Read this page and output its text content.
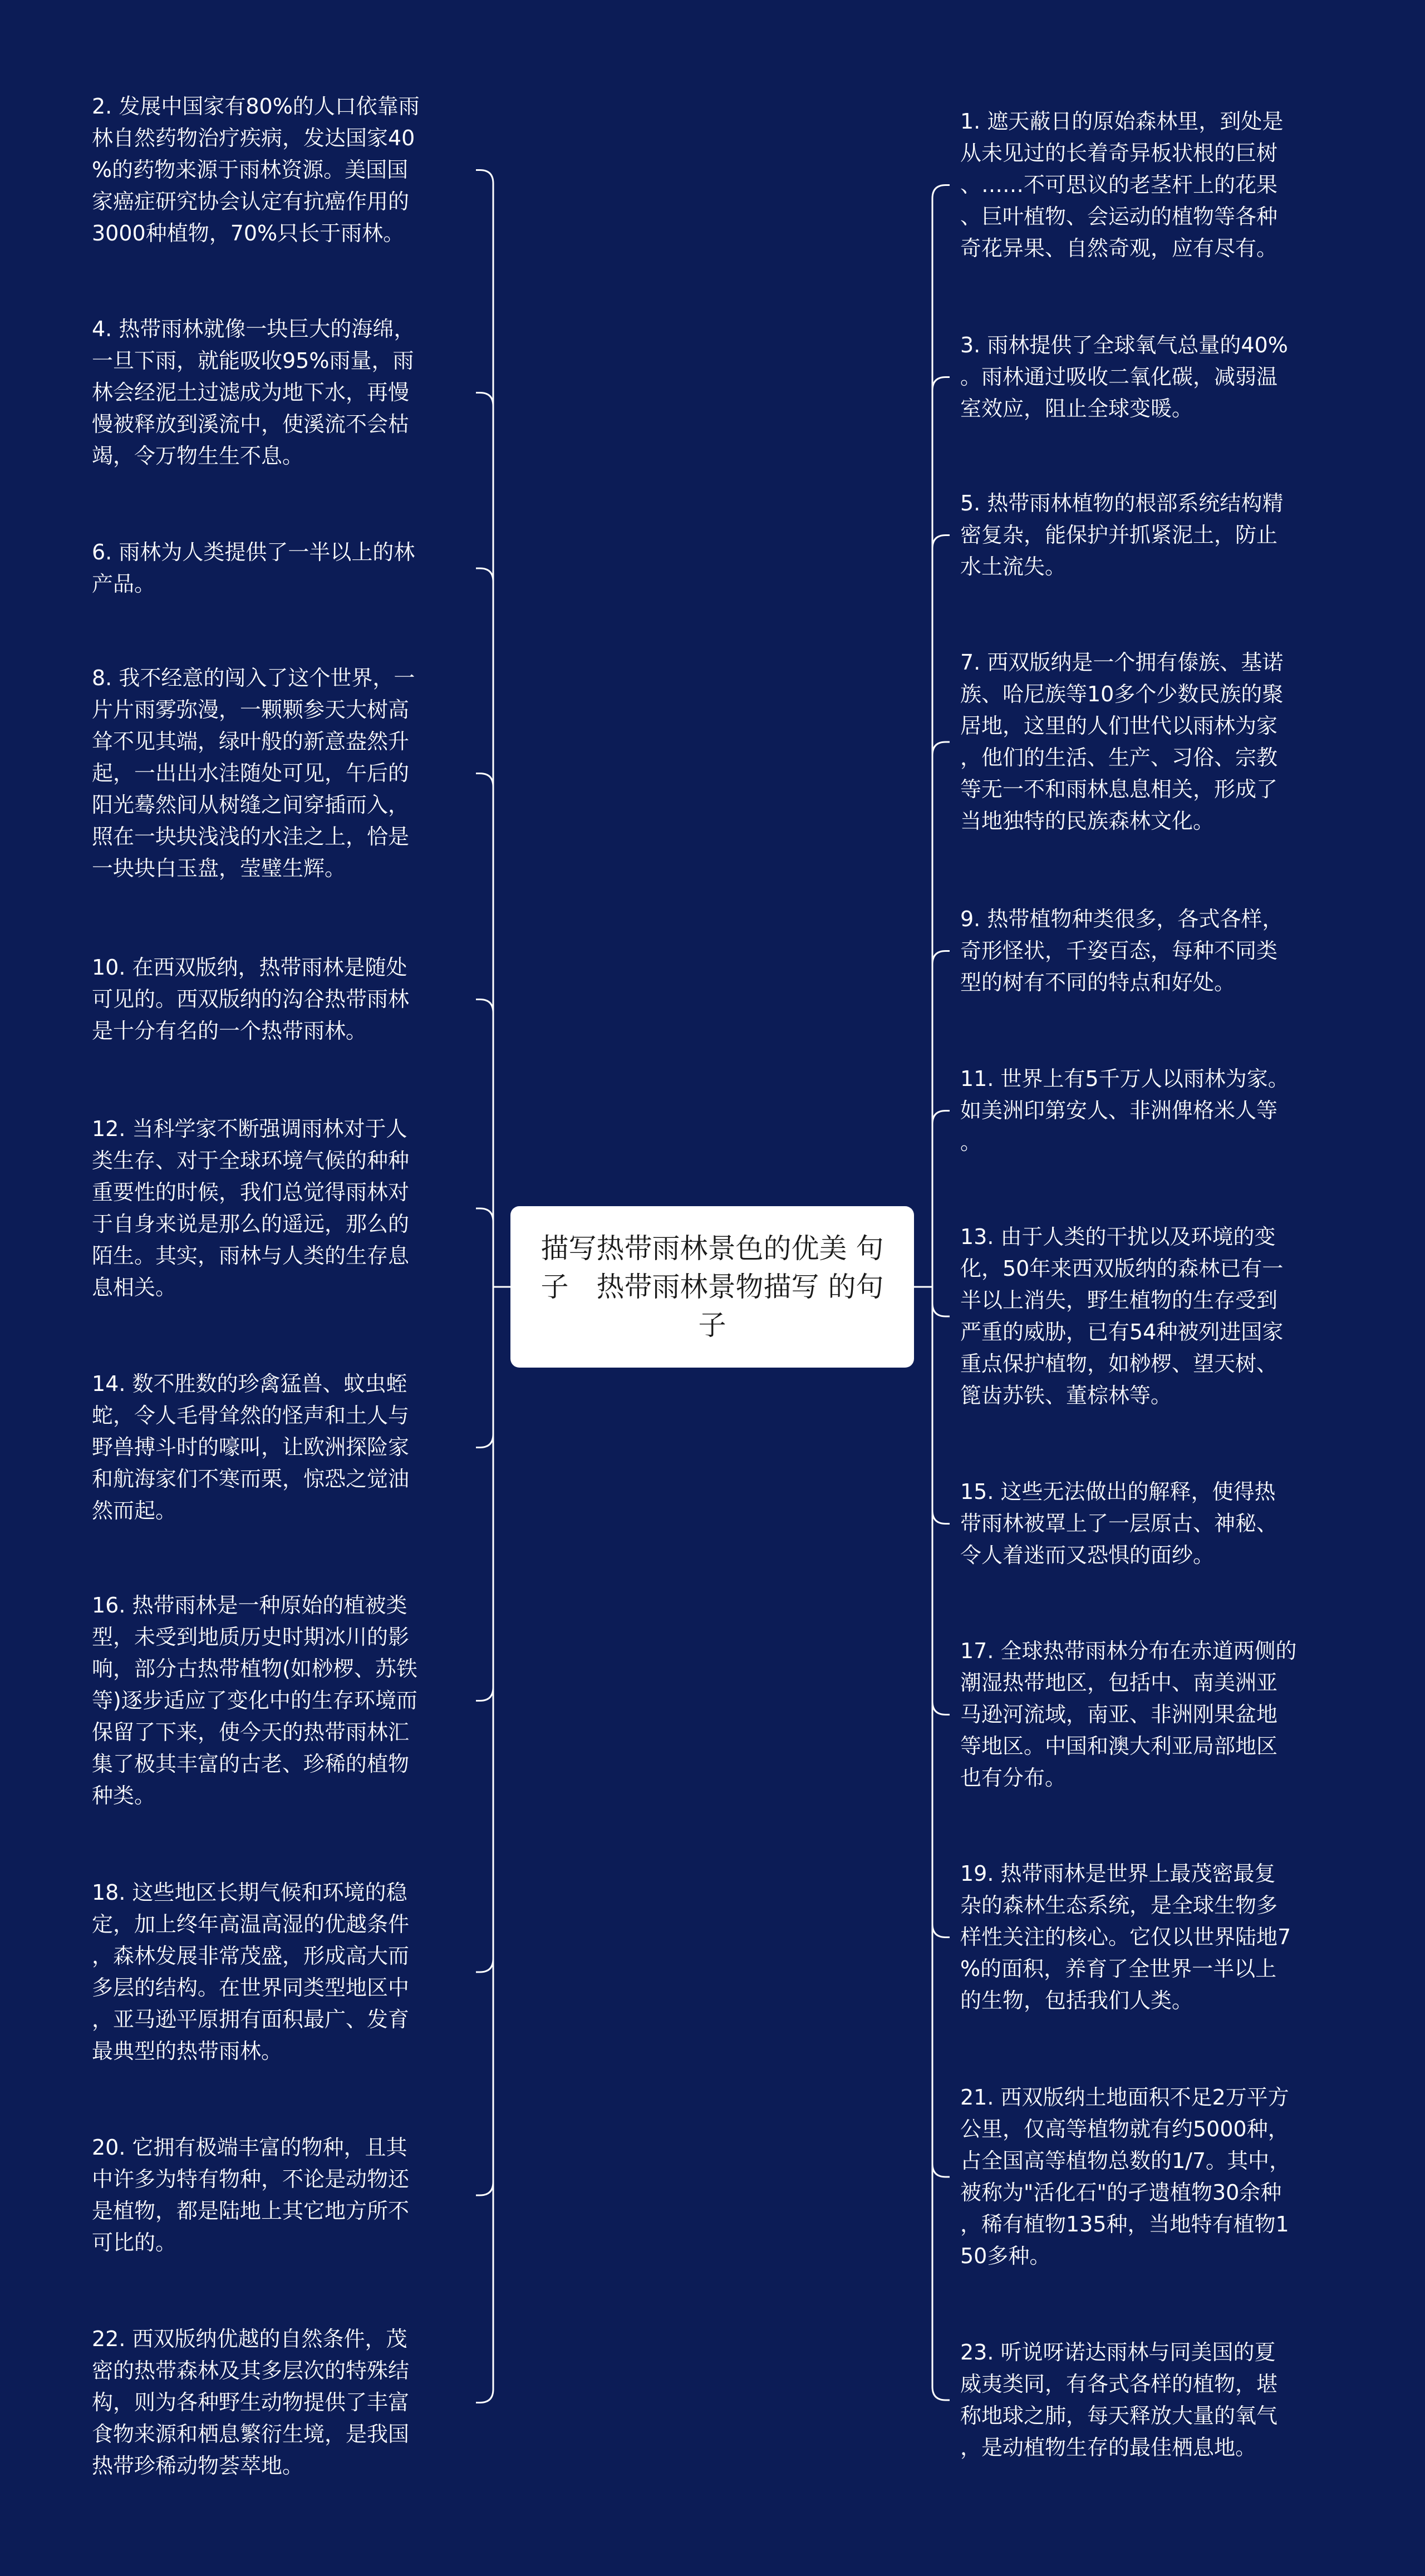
描写热带雨林景色的优美 句子　热带雨林景物描写 的句子
2. 发展中国家有80%的人口依靠雨
林自然药物治疗疾病，发达国家40
%的药物来源于雨林资源。美国国
家癌症研究协会认定有抗癌作用的
3000种植物，70%只长于雨林。
4. 热带雨林就像一块巨大的海绵，
一旦下雨，就能吸收95%雨量，雨
林会经泥土过滤成为地下水，再慢
慢被释放到溪流中，使溪流不会枯
竭，令万物生生不息。
6. 雨林为人类提供了一半以上的林
产品。
8. 我不经意的闯入了这个世界，一
片片雨雾弥漫，一颗颗参天大树高
耸不见其端，绿叶般的新意盎然升
起，一出出水洼随处可见，午后的
阳光蓦然间从树缝之间穿插而入，
照在一块块浅浅的水洼之上，恰是
一块块白玉盘，莹璧生辉。
10. 在西双版纳，热带雨林是随处
可见的。西双版纳的沟谷热带雨林
是十分有名的一个热带雨林。
12. 当科学家不断强调雨林对于人
类生存、对于全球环境气候的种种
重要性的时候，我们总觉得雨林对
于自身来说是那么的遥远，那么的
陌生。其实，雨林与人类的生存息
息相关。
14. 数不胜数的珍禽猛兽、蚊虫蛭
蛇，令人毛骨耸然的怪声和土人与
野兽搏斗时的嚎叫，让欧洲探险家
和航海家们不寒而栗，惊恐之觉油
然而起。
16. 热带雨林是一种原始的植被类
型，未受到地质历史时期冰川的影
响，部分古热带植物(如桫椤、苏铁
等)逐步适应了变化中的生存环境而
保留了下来，使今天的热带雨林汇
集了极其丰富的古老、珍稀的植物
种类。
18. 这些地区长期气候和环境的稳
定，加上终年高温高湿的优越条件
，森林发展非常茂盛，形成高大而
多层的结构。在世界同类型地区中
，亚马逊平原拥有面积最广、发育
最典型的热带雨林。
20. 它拥有极端丰富的物种，且其
中许多为特有物种，不论是动物还
是植物，都是陆地上其它地方所不
可比的。
22. 西双版纳优越的自然条件，茂
密的热带森林及其多层次的特殊结
构，则为各种野生动物提供了丰富
食物来源和栖息繁衍生境，是我国
热带珍稀动物荟萃地。
1. 遮天蔽日的原始森林里，到处是
从未见过的长着奇异板状根的巨树
、……不可思议的老茎杆上的花果
、巨叶植物、会运动的植物等各种
奇花异果、自然奇观，应有尽有。
3. 雨林提供了全球氧气总量的40%
。雨林通过吸收二氧化碳，减弱温
室效应，阻止全球变暖。
5. 热带雨林植物的根部系统结构精
密复杂，能保护并抓紧泥土，防止
水土流失。
7. 西双版纳是一个拥有傣族、基诺
族、哈尼族等10多个少数民族的聚
居地，这里的人们世代以雨林为家
，他们的生活、生产、习俗、宗教
等无一不和雨林息息相关，形成了
当地独特的民族森林文化。
9. 热带植物种类很多，各式各样，
奇形怪状，千姿百态，每种不同类
型的树有不同的特点和好处。
11. 世界上有5千万人以雨林为家。
如美洲印第安人、非洲俾格米人等
。
13. 由于人类的干扰以及环境的变
化，50年来西双版纳的森林已有一
半以上消失，野生植物的生存受到
严重的威胁，已有54种被列进国家
重点保护植物，如桫椤、望天树、
篦齿苏铁、董棕林等。
15. 这些无法做出的解释，使得热
带雨林被罩上了一层原古、神秘、
令人着迷而又恐惧的面纱。
17. 全球热带雨林分布在赤道两侧的
潮湿热带地区，包括中、南美洲亚
马逊河流域，南亚、非洲刚果盆地
等地区。中国和澳大利亚局部地区
也有分布。
19. 热带雨林是世界上最茂密最复
杂的森林生态系统，是全球生物多
样性关注的核心。它仅以世界陆地7
%的面积，养育了全世界一半以上
的生物，包括我们人类。
21. 西双版纳土地面积不足2万平方
公里，仅高等植物就有约5000种，
占全国高等植物总数的1/7。其中，
被称为"活化石"的孑遗植物30余种
，稀有植物135种，当地特有植物1
50多种。
23. 听说呀诺达雨林与同美国的夏
威夷类同，有各式各样的植物，堪
称地球之肺，每天释放大量的氧气
，是动植物生存的最佳栖息地。
